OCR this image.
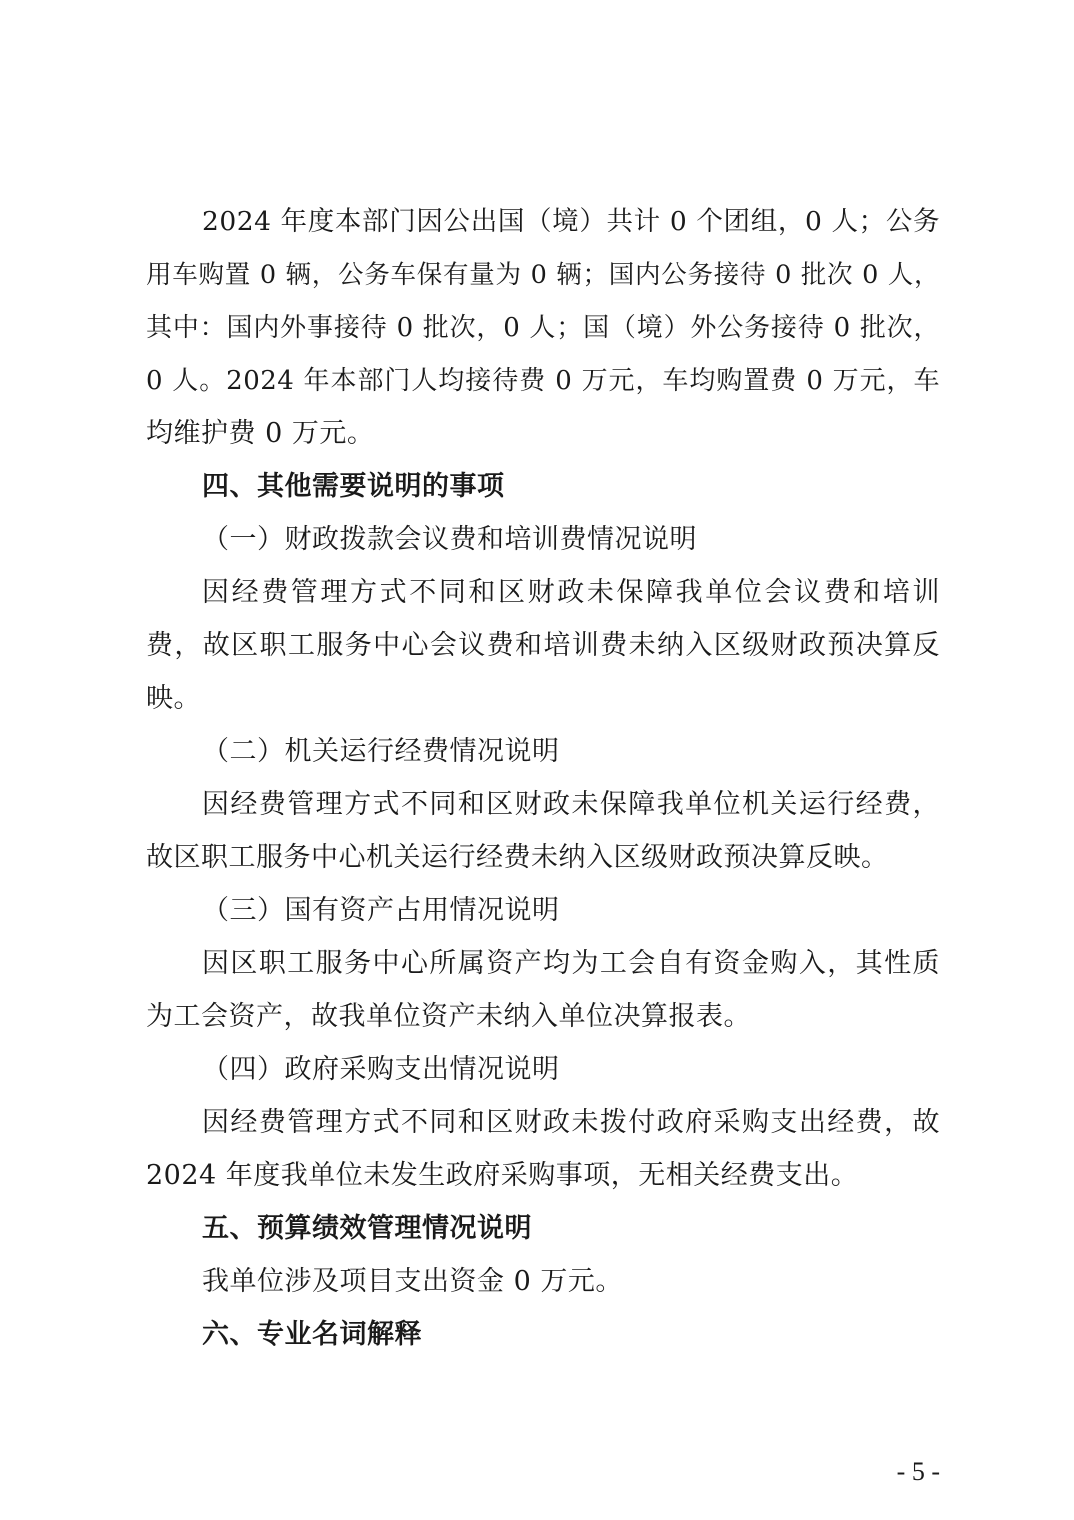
2024 年度本部门因公出国（境）共计 0 个团组，0 人；公务
用车购置 0 辆，公务车保有量为 0 辆；国内公务接待 0 批次 0 人，
其中：国内外事接待 0 批次，0 人；国（境）外公务接待 0 批次，
0 人。2024 年本部门人均接待费 0 万元，车均购置费 0 万元，车
均维护费 0 万元。
四、其他需要说明的事项
（一）财政拨款会议费和培训费情况说明
因经费管理方式不同和区财政未保障我单位会议费和培训
费，故区职工服务中心会议费和培训费未纳入区级财政预决算反
映。
（二）机关运行经费情况说明
因经费管理方式不同和区财政未保障我单位机关运行经费，
故区职工服务中心机关运行经费未纳入区级财政预决算反映。
（三）国有资产占用情况说明
因区职工服务中心所属资产均为工会自有资金购入，其性质
为工会资产，故我单位资产未纳入单位决算报表。
（四）政府采购支出情况说明
因经费管理方式不同和区财政未拨付政府采购支出经费，故
2024 年度我单位未发生政府采购事项，无相关经费支出。
五、预算绩效管理情况说明
我单位涉及项目支出资金 0 万元。
六、专业名词解释
- 5 -
